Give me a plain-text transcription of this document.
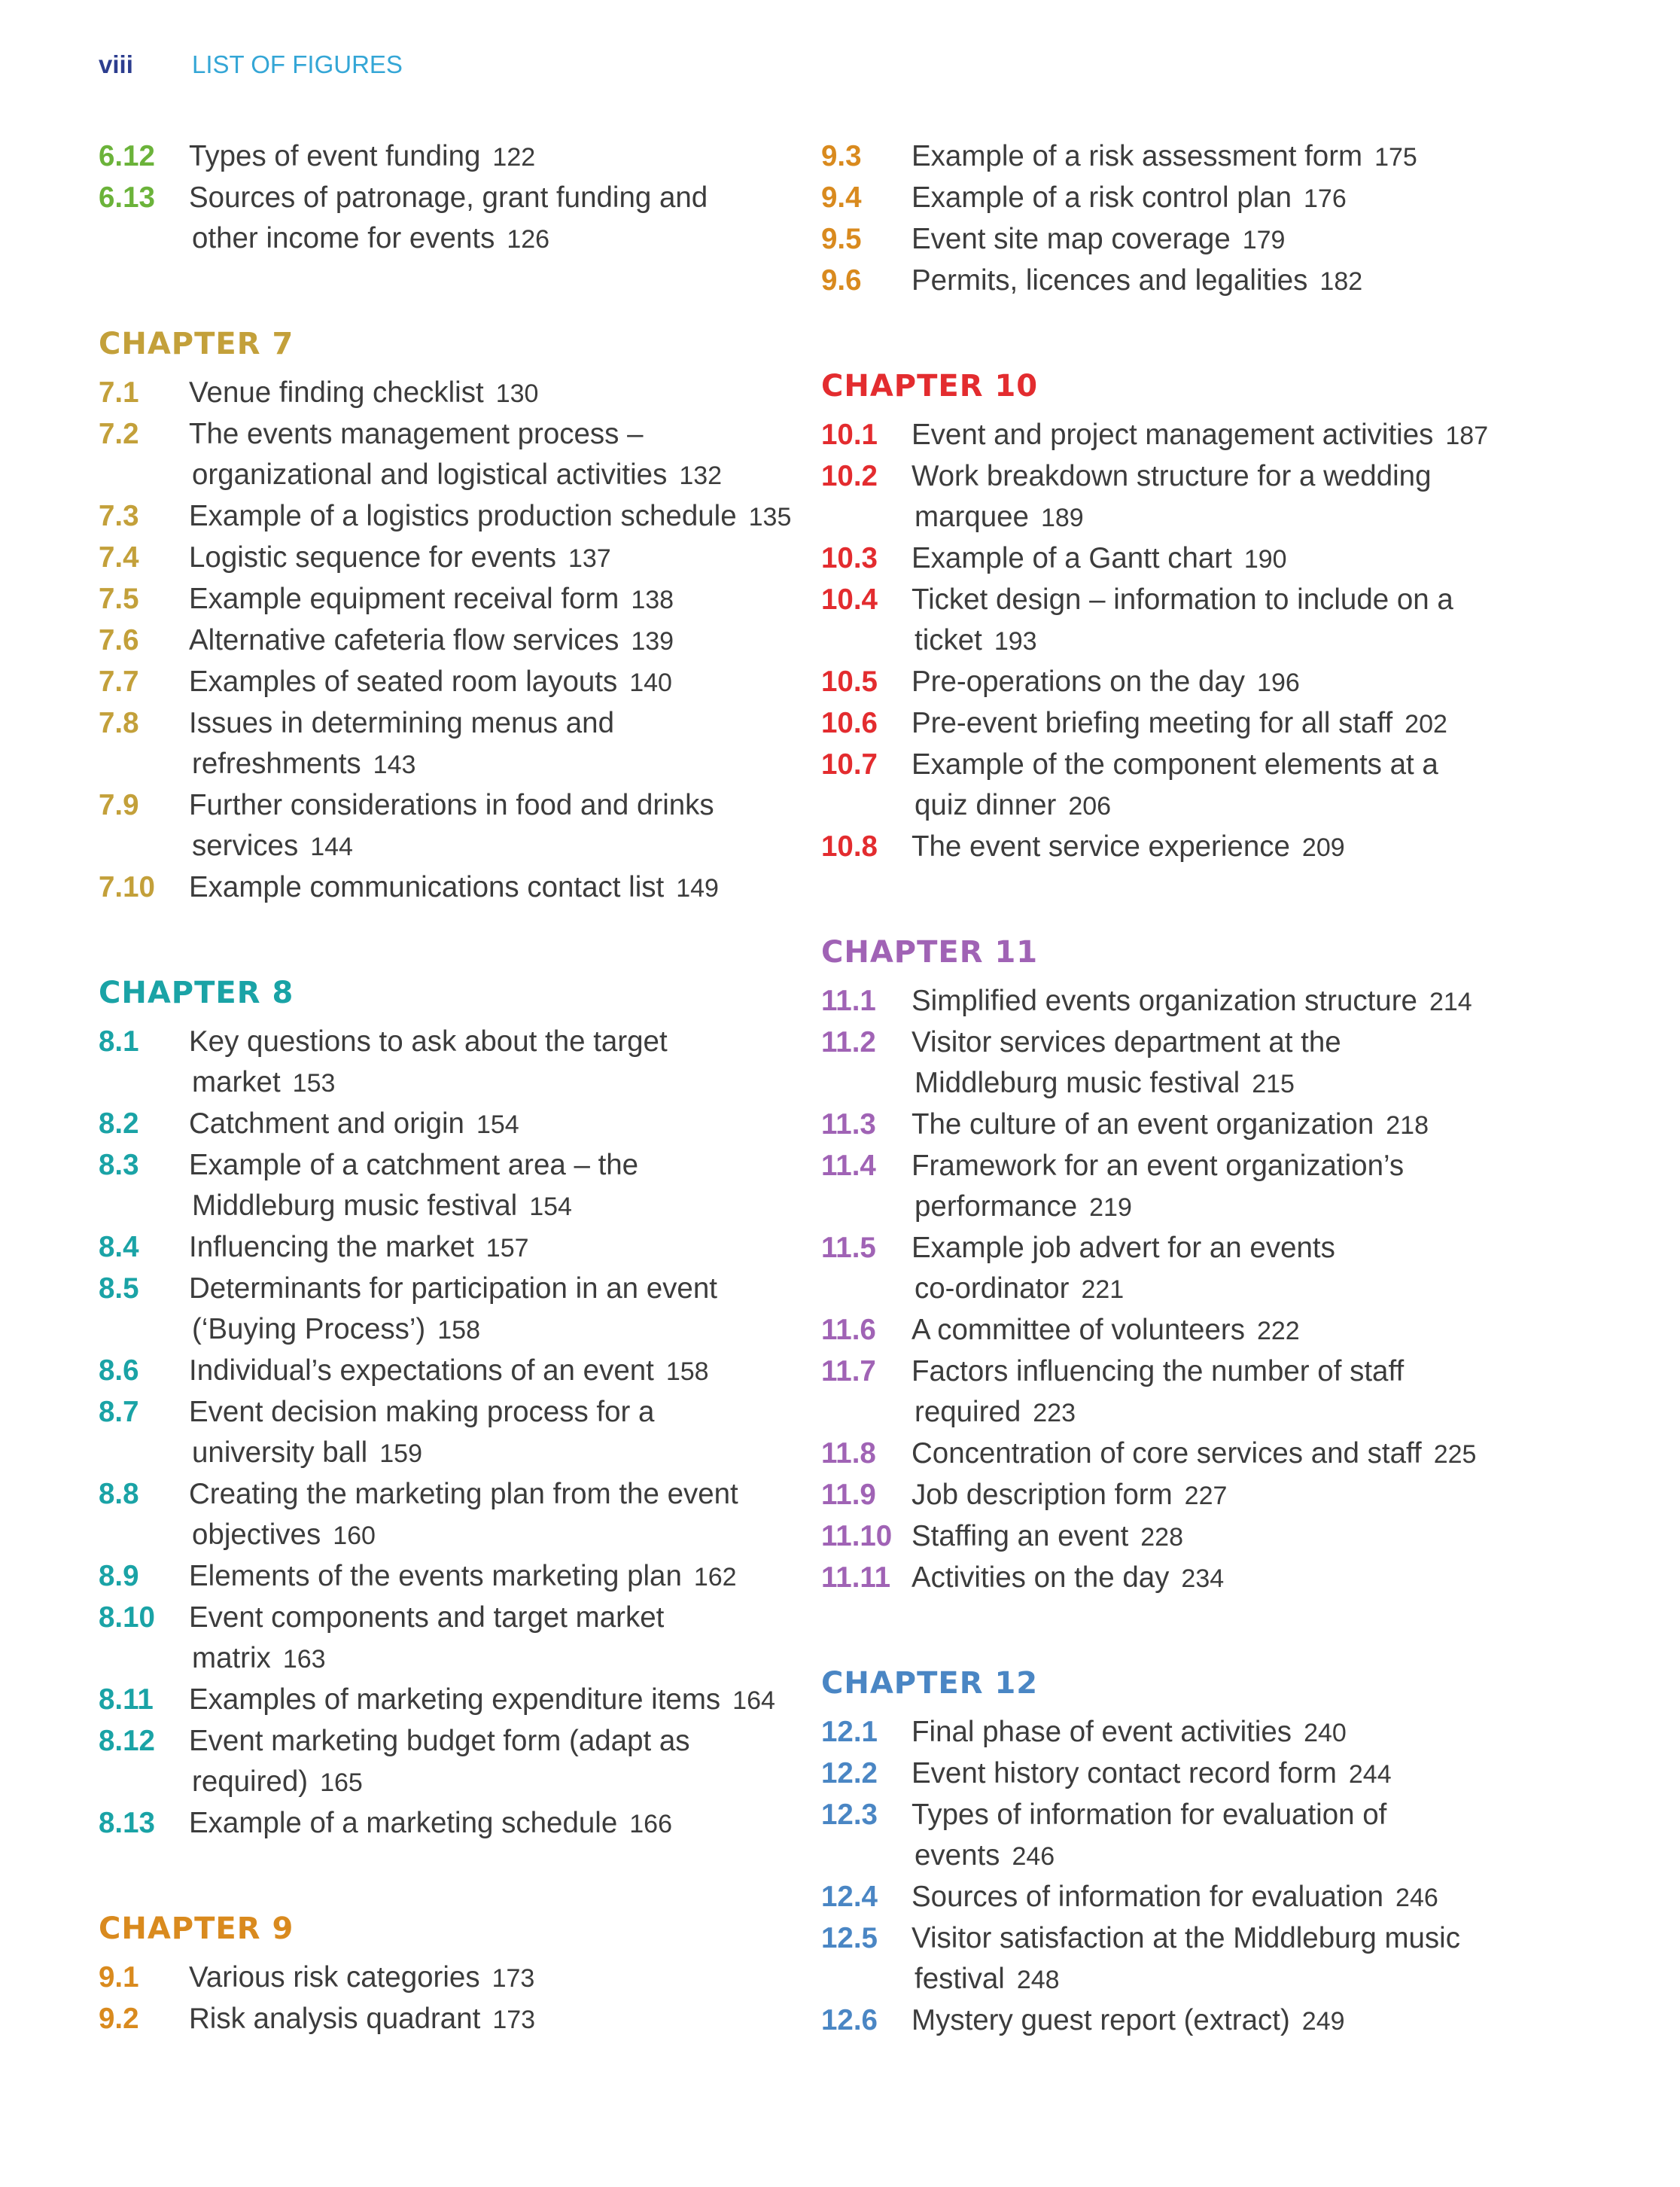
viii LIST OF FIGURES
6.12 Types of event funding 122
6.13 Sources of patronage, grant funding and
other income for events 126
CHAPTER 7
7.1 Venue finding checklist 130
7.2 The events management process –
organizational and logistical activities 132
7.3 Example of a logistics production schedule 135
7.4 Logistic sequence for events 137
7.5 Example equipment receival form 138
7.6 Alternative cafeteria flow services 139
7.7 Examples of seated room layouts 140
7.8 Issues in determining menus and
refreshments 143
7.9 Further considerations in food and drinks
services 144
7.10 Example communications contact list 149
CHAPTER 8
8.1 Key questions to ask about the target
market 153
8.2 Catchment and origin 154
8.3 Example of a catchment area – the
Middleburg music festival 154
8.4 Influencing the market 157
8.5 Determinants for participation in an event
(‘Buying Process’) 158
8.6 Individual’s expectations of an event 158
8.7 Event decision making process for a
university ball 159
8.8 Creating the marketing plan from the event
objectives 160
8.9 Elements of the events marketing plan 162
8.10 Event components and target market
matrix 163
8.11 Examples of marketing expenditure items 164
8.12 Event marketing budget form (adapt as
required) 165
8.13 Example of a marketing schedule 166
CHAPTER 9
9.1 Various risk categories 173
9.2 Risk analysis quadrant 173
9.3 Example of a risk assessment form 175
9.4 Example of a risk control plan 176
9.5 Event site map coverage 179
9.6 Permits, licences and legalities 182
CHAPTER 10
10.1 Event and project management activities 187
10.2 Work breakdown structure for a wedding
marquee 189
10.3 Example of a Gantt chart 190
10.4 Ticket design – information to include on a
ticket 193
10.5 Pre-operations on the day 196
10.6 Pre-event briefing meeting for all staff 202
10.7 Example of the component elements at a
quiz dinner 206
10.8 The event service experience 209
CHAPTER 11
11.1 Simplified events organization structure 214
11.2 Visitor services department at the
Middleburg music festival 215
11.3 The culture of an event organization 218
11.4 Framework for an event organization’s
performance 219
11.5 Example job advert for an events
co-ordinator 221
11.6 A committee of volunteers 222
11.7 Factors influencing the number of staff
required 223
11.8 Concentration of core services and staff 225
11.9 Job description form 227
11.10 Staffing an event 228
11.11 Activities on the day 234
CHAPTER 12
12.1 Final phase of event activities 240
12.2 Event history contact record form 244
12.3 Types of information for evaluation of
events 246
12.4 Sources of information for evaluation 246
12.5 Visitor satisfaction at the Middleburg music
festival 248
12.6 Mystery guest report (extract) 249
